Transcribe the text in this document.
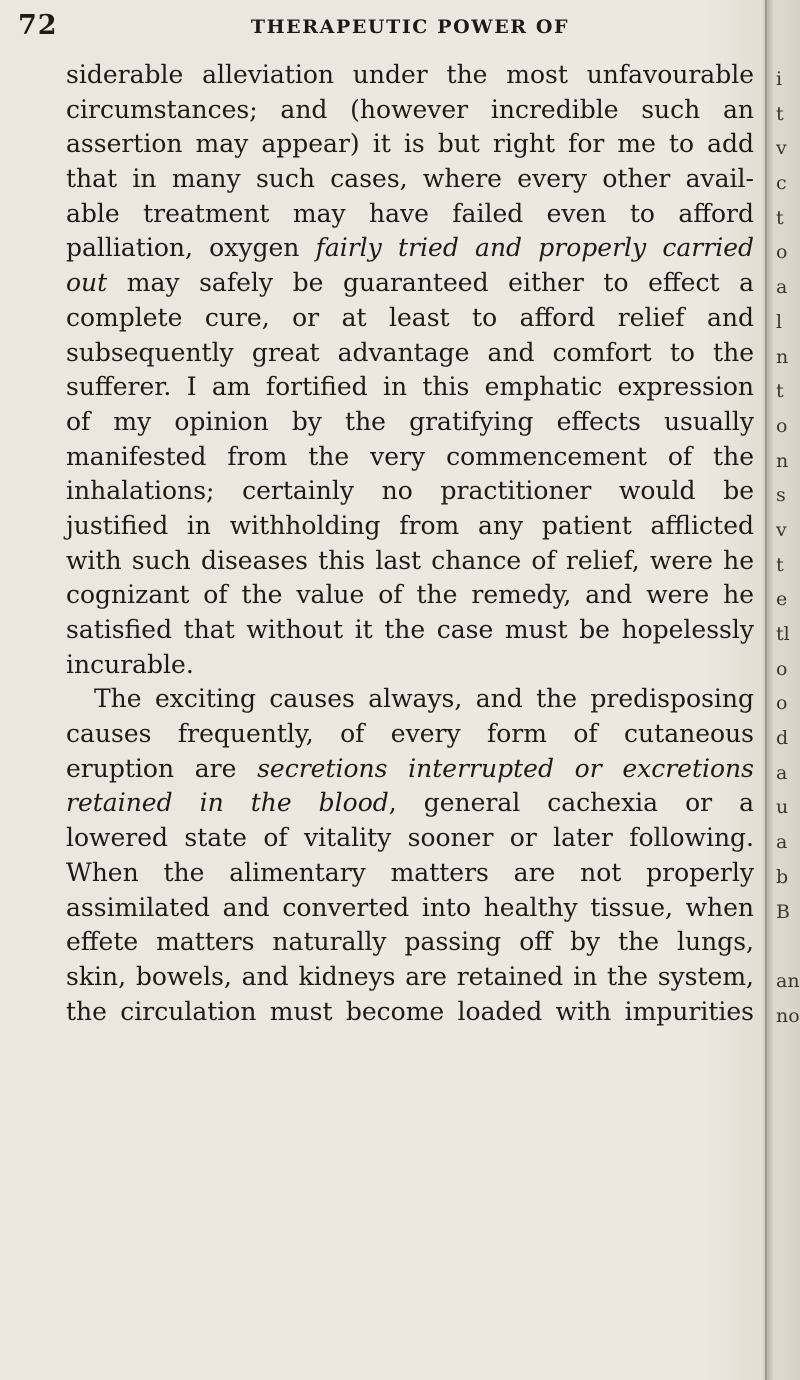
72	THERAPEUTIC POWER OF
siderable alleviation under the most unfavourable
circumstances; and (however incredible such an
assertion may appear) it is but right for me to add
that in many such cases, where every other avail-
able treatment may have failed even to afford
palliation, oxygen fairly tried and properly carried
out may safely be guaranteed either to effect a
complete cure, or at least to afford relief and
subsequently great advantage and comfort to the
sufferer. I am fortified in this emphatic expression
of my opinion by the gratifying effects usually
manifested from the very commencement of the
inhalations; certainly no practitioner would be
justified in withholding from any patient afflicted
with such diseases this last chance of relief, were he
cognizant of the value of the remedy, and were he
satisfied that without it the case must be hopelessly
incurable.
The exciting causes always, and the predisposing
causes frequently, of every form of cutaneous
eruption are secretions interrupted or excretions
retained in the blood, general cachexia or a
lowered state of vitality sooner or later following.
When the alimentary matters are not properly
assimilated and converted into healthy tissue, when
effete matters naturally passing off by the lungs,
skin, bowels, and kidneys are retained in the system,
the circulation must become loaded with impurities
i
t
v
c
t
o
a
l
n
t
o
n
s
v
t
e
tl
o
o
d
a
u
a
b
B
an
no
